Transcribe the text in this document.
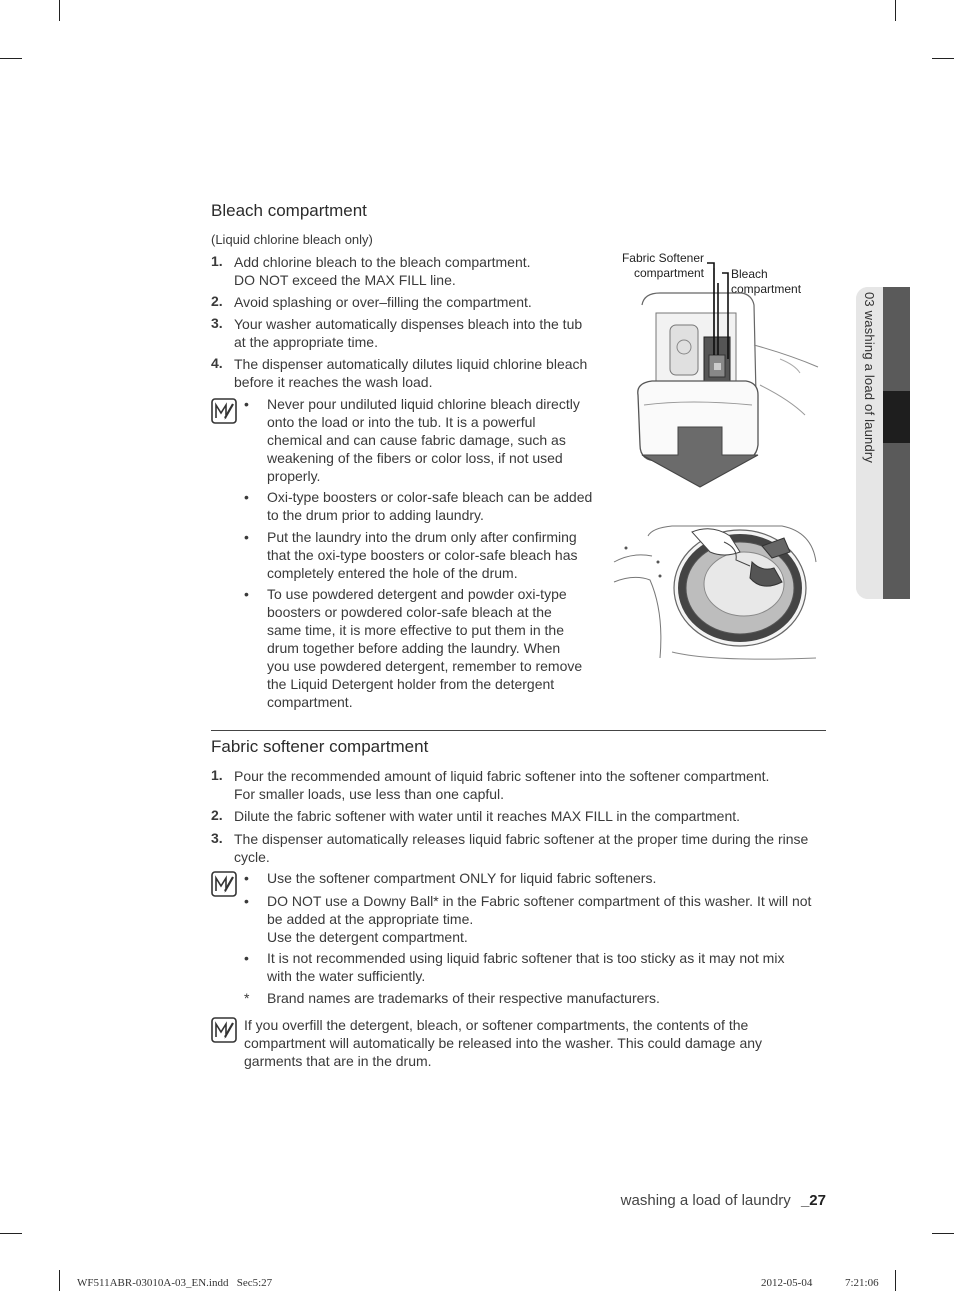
03 washing a load of laundry
Bleach compartment
(Liquid chlorine bleach only)
1. Add chlorine bleach to the bleach compartment.
DO NOT exceed the MAX FILL line.
2. Avoid splashing or over–filling the compartment.
3. Your washer automatically dispenses bleach into the tub
at the appropriate time.
4. The dispenser automatically dilutes liquid chlorine bleach
before it reaches the wash load.
• Never pour undiluted liquid chlorine bleach directly
onto the load or into the tub. It is a powerful
chemical and can cause fabric damage, such as
weakening of the fibers or color loss, if not used
properly.
• Oxi-type boosters or color-safe bleach can be added
to the drum prior to adding laundry.
• Put the laundry into the drum only after confirming
that the oxi-type boosters or color-safe bleach has
completely entered the hole of the drum.
• To use powdered detergent and powder oxi-type
boosters or powdered color-safe bleach at the
same time, it is more effective to put them in the
drum together before adding the laundry. When
you use powdered detergent, remember to remove
the Liquid Detergent holder from the detergent
compartment.
Fabric Softener
compartment Bleach
compartment
Fabric softener compartment
1. Pour the recommended amount of liquid fabric softener into the softener compartment.
For smaller loads, use less than one capful.
2. Dilute the fabric softener with water until it reaches MAX FILL in the compartment.
3. The dispenser automatically releases liquid fabric softener at the proper time during the rinse
cycle.
• Use the softener compartment ONLY for liquid fabric softeners.
• DO NOT use a Downy Ball* in the Fabric softener compartment of this washer. It will not
be added at the appropriate time.
Use the detergent compartment.
• It is not recommended using liquid fabric softener that is too sticky as it may not mix
with the water sufficiently.
* Brand names are trademarks of their respective manufacturers.
If you overfill the detergent, bleach, or softener compartments, the contents of the
compartment will automatically be released into the washer. This could damage any
garments that are in the drum.
washing a load of laundry _27
WF511ABR-03010A-03_EN.indd   Sec5:27	2012-05-04	7:21:06
